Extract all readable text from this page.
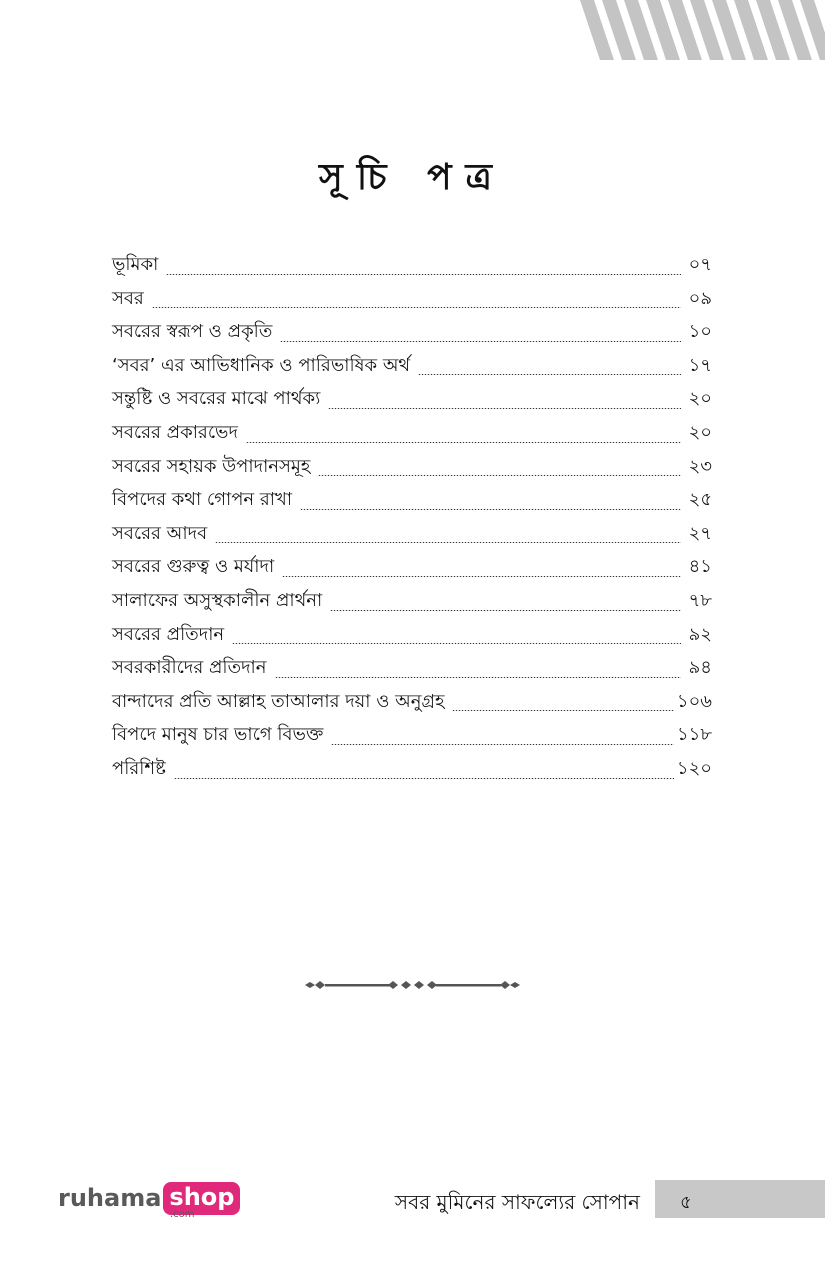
সূচি পত্র
ভূমিকা	০৭
সবর	০৯
সবরের স্বরূপ ও প্রকৃতি	১০
‘সবর’ এর আভিধানিক ও পারিভাষিক অর্থ	১৭
সন্তুষ্টি ও সবরের মাঝে পার্থক্য	২০
সবরের প্রকারভেদ	২০
সবরের সহায়ক উপাদানসমূহ	২৩
বিপদের কথা গোপন রাখা	২৫
সবরের আদব	২৭
সবরের গুরুত্ব ও মর্যাদা	৪১
সালাফের অসুস্থকালীন প্রার্থনা	৭৮
সবরের প্রতিদান	৯২
সবরকারীদের প্রতিদান	৯৪
বান্দাদের প্রতি আল্লাহ তাআলার দয়া ও অনুগ্রহ	১০৬
বিপদে মানুষ চার ভাগে বিভক্ত	১১৮
পরিশিষ্ট	১২০
ruhama shop
.com
সবর মুমিনের সাফল্যের সোপান ৫
